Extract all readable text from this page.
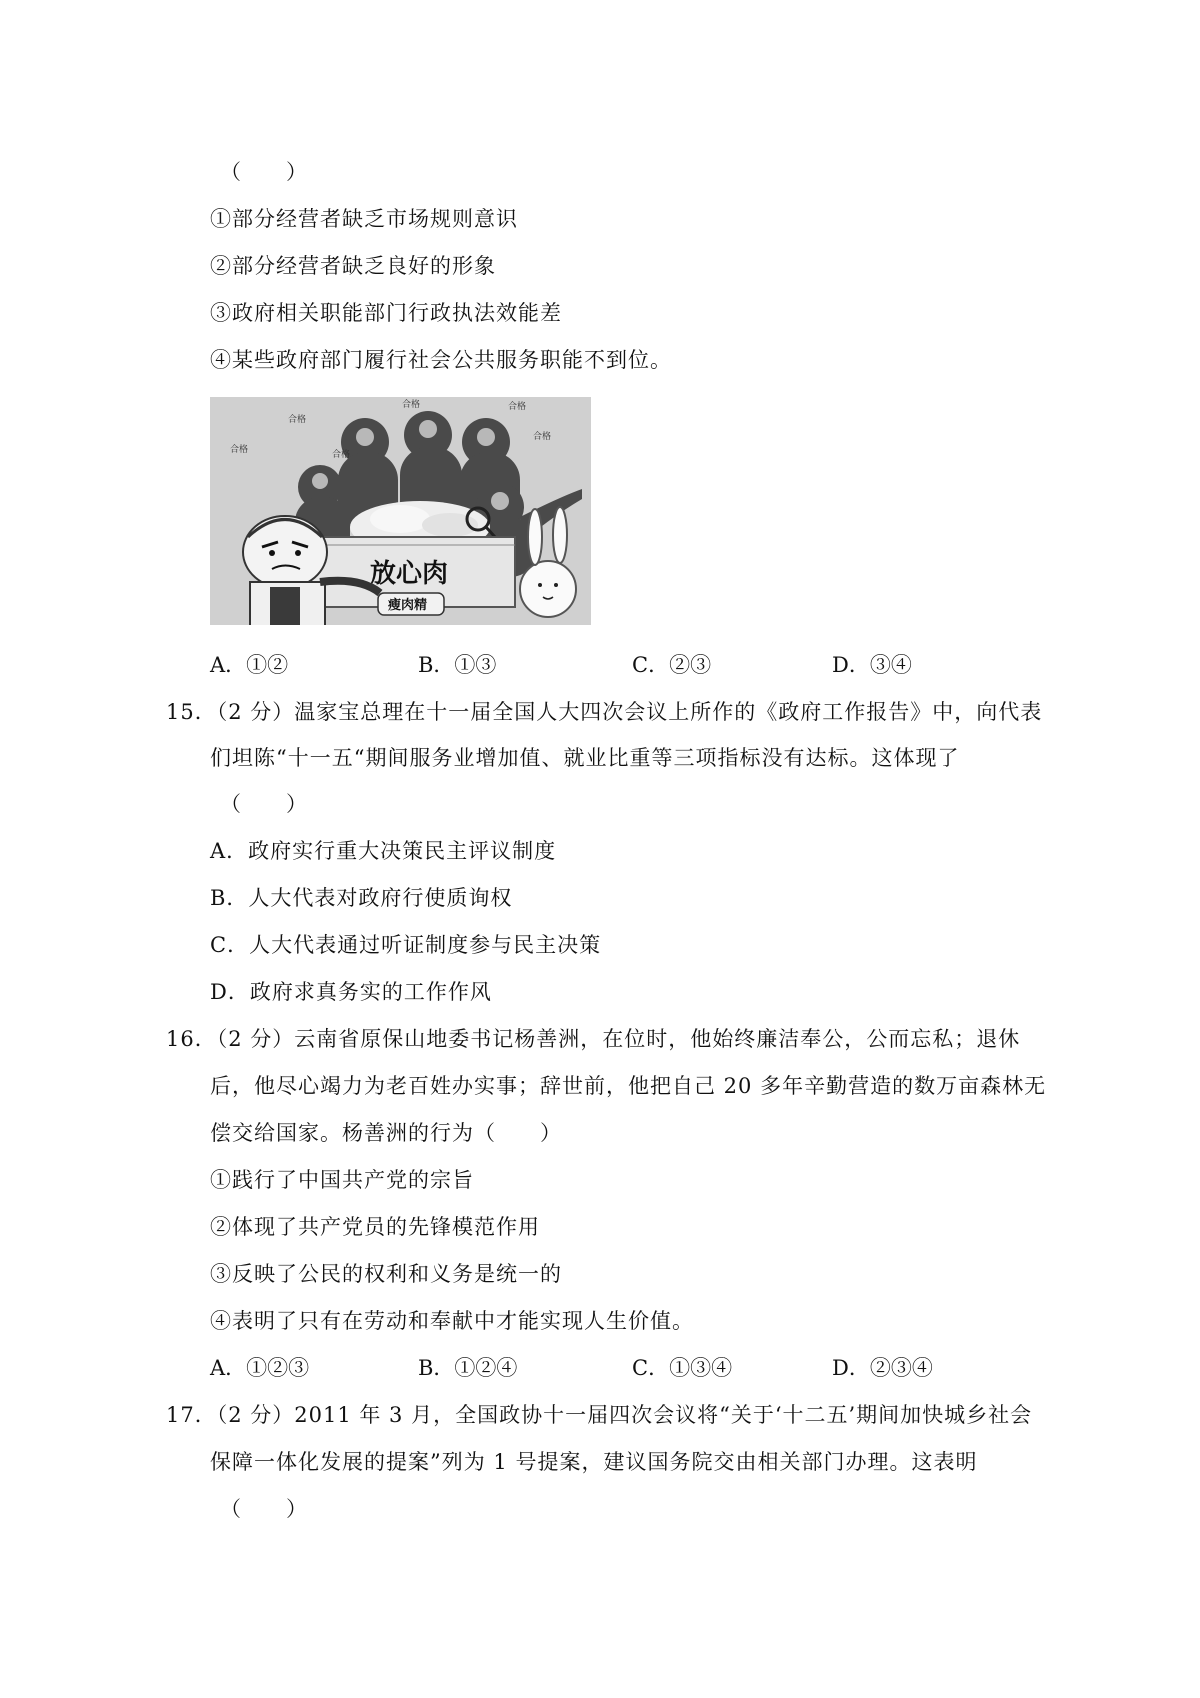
（　　）
①部分经营者缺乏市场规则意识
②部分经营者缺乏良好的形象
③政府相关职能部门行政执法效能差
④某些政府部门履行社会公共服务职能不到位。
合格
合格
合格	合格
合格
合格
放心肉
瘦肉精
A．①②	B．①③	C．②③	D．③④
15．（2 分）温家宝总理在十一届全国人大四次会议上所作的《政府工作报告》中，向代表
们坦陈“十一五“期间服务业增加值、就业比重等三项指标没有达标。这体现了
（　　）
A．政府实行重大决策民主评议制度
B．人大代表对政府行使质询权
C．人大代表通过听证制度参与民主决策
D．政府求真务实的工作作风
16．（2 分）云南省原保山地委书记杨善洲，在位时，他始终廉洁奉公，公而忘私；退休
后，他尽心竭力为老百姓办实事；辞世前，他把自己 20 多年辛勤营造的数万亩森林无
偿交给国家。杨善洲的行为（　　）
①践行了中国共产党的宗旨
②体现了共产党员的先锋模范作用
③反映了公民的权利和义务是统一的
④表明了只有在劳动和奉献中才能实现人生价值。
A．①②③	B．①②④	C．①③④	D．②③④
17．（2 分）2011 年 3 月，全国政协十一届四次会议将“关于‘十二五’期间加快城乡社会
保障一体化发展的提案”列为 1 号提案，建议国务院交由相关部门办理。这表明
（　　）
